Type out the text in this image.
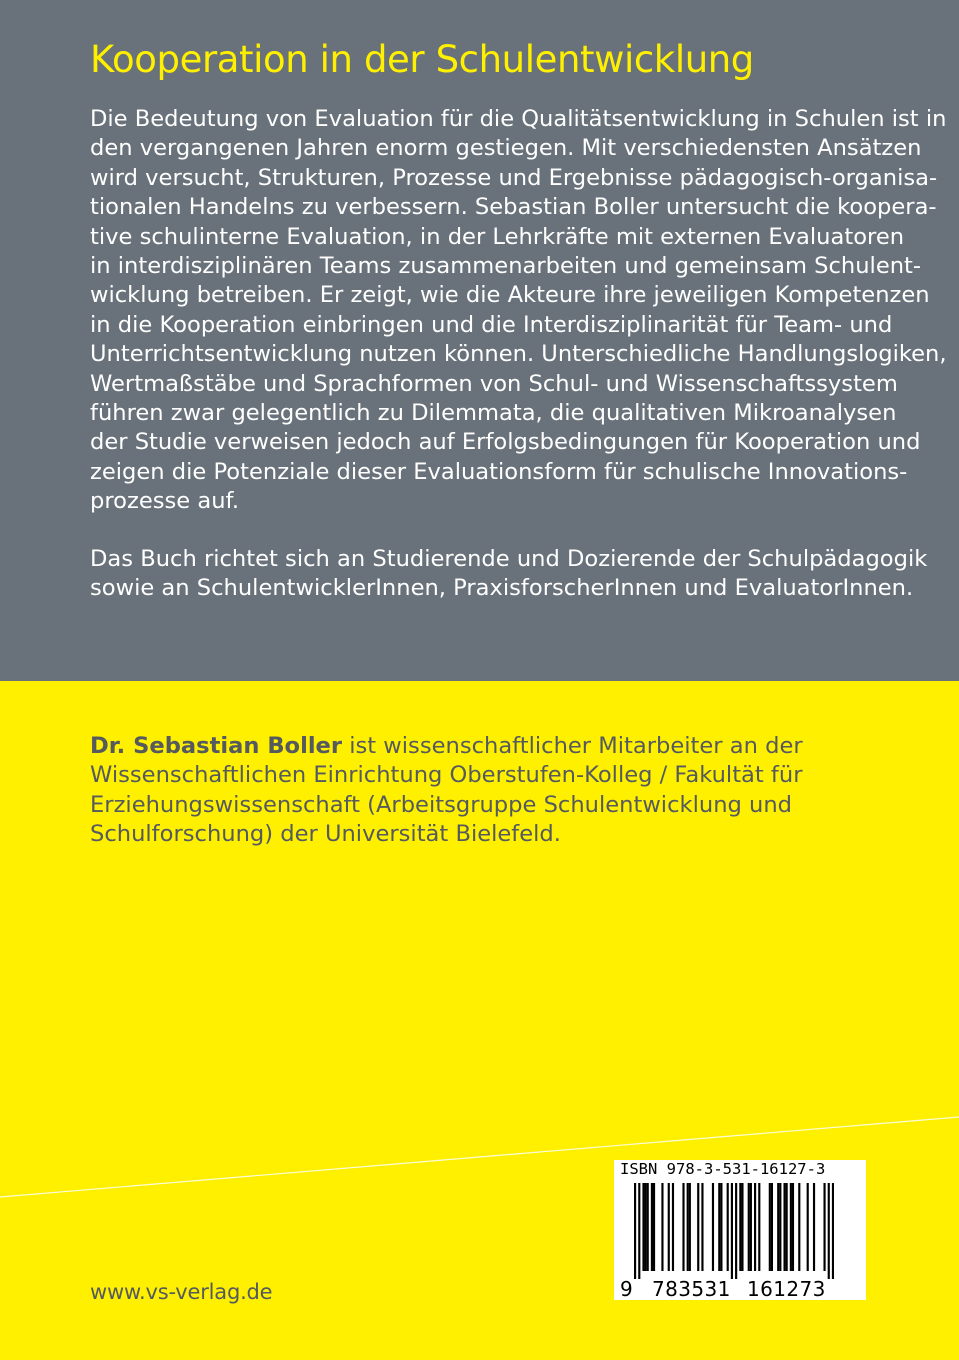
Kooperation in der Schulentwicklung

Die Bedeutung von Evaluation für die Qualitätsentwicklung in Schulen ist in
den vergangenen Jahren enorm gestiegen. Mit verschiedensten Ansätzen
wird versucht, Strukturen, Prozesse und Ergebnisse pädagogisch-organisa-
tionalen Handelns zu verbessern. Sebastian Boller untersucht die koopera-
tive schulinterne Evaluation, in der Lehrkräfte mit externen Evaluatoren
in interdisziplinären Teams zusammenarbeiten und gemeinsam Schulent-
wicklung betreiben. Er zeigt, wie die Akteure ihre jeweiligen Kompetenzen
in die Kooperation einbringen und die Interdisziplinarität für Team- und
Unterrichtsentwicklung nutzen können. Unterschiedliche Handlungslogiken,
Wertmaßstäbe und Sprachformen von Schul- und Wissenschaftssystem
führen zwar gelegentlich zu Dilemmata, die qualitativen Mikroanalysen
der Studie verweisen jedoch auf Erfolgsbedingungen für Kooperation und
zeigen die Potenziale dieser Evaluationsform für schulische Innovations-
prozesse auf.

Das Buch richtet sich an Studierende und Dozierende der Schulpädagogik
sowie an SchulentwicklerInnen, PraxisforscherInnen und EvaluatorInnen.

Dr. Sebastian Boller ist wissenschaftlicher Mitarbeiter an der
Wissenschaftlichen Einrichtung Oberstufen-Kolleg / Fakultät für
Erziehungswissenschaft (Arbeitsgruppe Schulentwicklung und
Schulforschung) der Universität Bielefeld.

ISBN 978-3-531-16127-3
9 783531 161273
www.vs-verlag.de
